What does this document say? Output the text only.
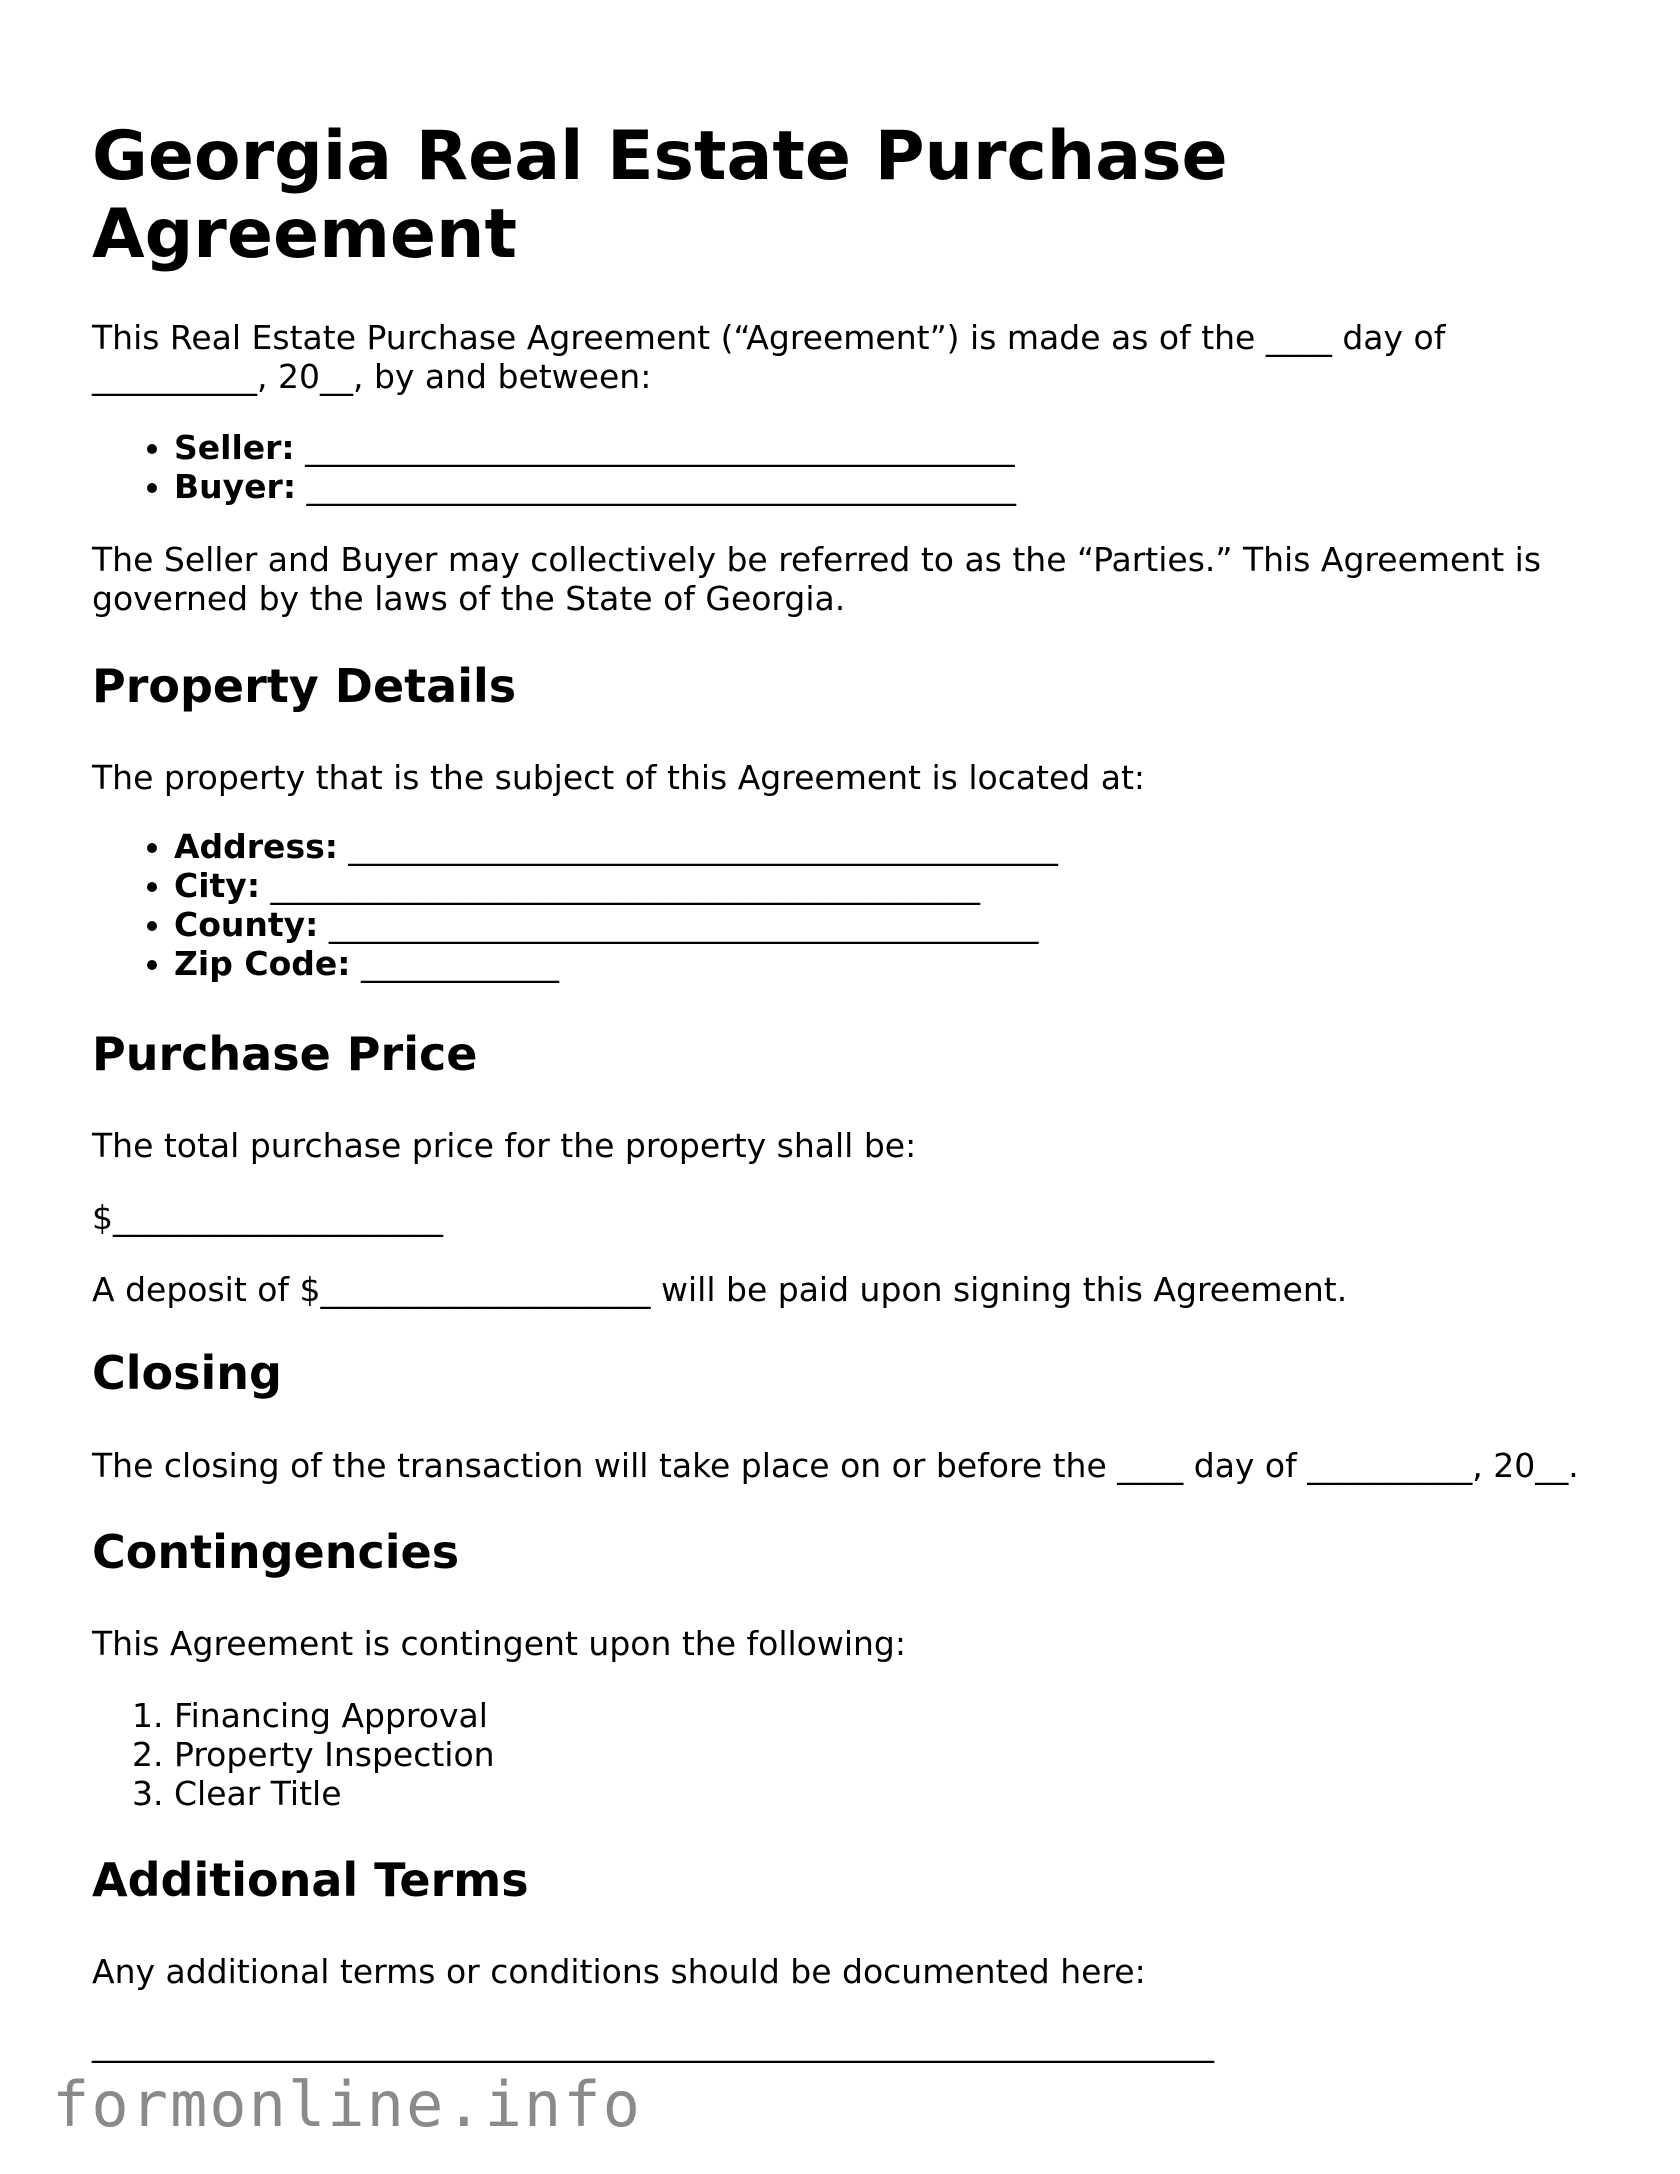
Georgia Real Estate Purchase Agreement

This Real Estate Purchase Agreement (“Agreement”) is made as of the ____ day of __________, 20__, by and between:

• Seller: ___________________________________________
• Buyer: ___________________________________________

The Seller and Buyer may collectively be referred to as the “Parties.” This Agreement is governed by the laws of the State of Georgia.

Property Details

The property that is the subject of this Agreement is located at:

• Address: ___________________________________________
• City: ___________________________________________
• County: ___________________________________________
• Zip Code: ____________
Purchase Price

The total purchase price for the property shall be:

$____________________

A deposit of $____________________ will be paid upon signing this Agreement.

Closing

The closing of the transaction will take place on or before the ____ day of __________, 20__.

Contingencies

This Agreement is contingent upon the following:

1. Financing Approval
2. Property Inspection
3. Clear Title
Additional Terms

Any additional terms or conditions should be documented here:

____________________________________________________________________

formonline.info
